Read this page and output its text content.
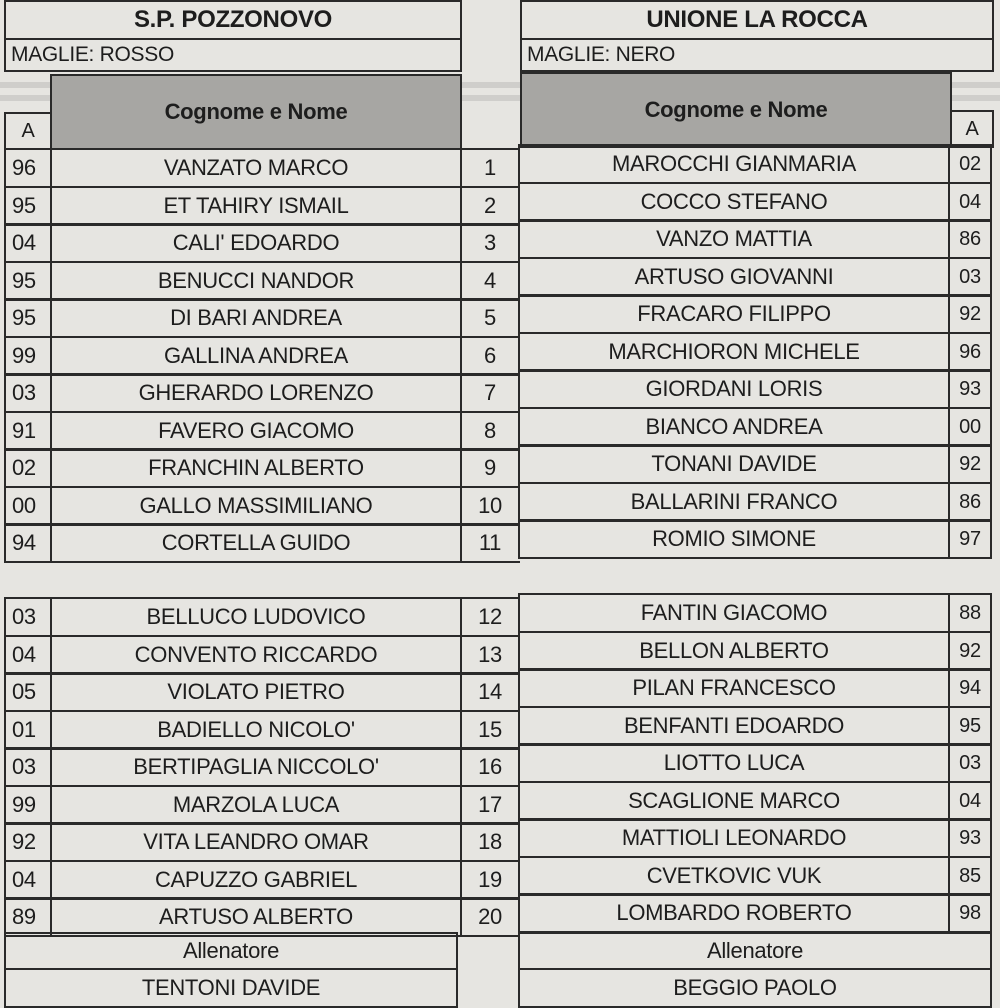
S.P. POZZONOVO
MAGLIE: ROSSO
Cognome e Nome
A
UNIONE LA ROCCA
MAGLIE: NERO
Cognome e Nome
A
96	VANZATO MARCO	1	MAROCCHI GIANMARIA	02
95	ET TAHIRY ISMAIL	2	COCCO STEFANO	04
04	CALI' EDOARDO	3	VANZO MATTIA	86
95	BENUCCI NANDOR	4	ARTUSO GIOVANNI	03
95	DI BARI ANDREA	5	FRACARO FILIPPO	92
99	GALLINA ANDREA	6	MARCHIORON MICHELE	96
03	GHERARDO LORENZO	7	GIORDANI LORIS	93
91	FAVERO GIACOMO	8	BIANCO ANDREA	00
02	FRANCHIN ALBERTO	9	TONANI DAVIDE	92
00	GALLO MASSIMILIANO	10	BALLARINI FRANCO	86
94	CORTELLA GUIDO	11	ROMIO SIMONE	97
03	BELLUCO LUDOVICO	12	FANTIN GIACOMO	88
04	CONVENTO RICCARDO	13	BELLON ALBERTO	92
05	VIOLATO PIETRO	14	PILAN FRANCESCO	94
01	BADIELLO NICOLO'	15	BENFANTI EDOARDO	95
03	BERTIPAGLIA NICCOLO'	16	LIOTTO LUCA	03
99	MARZOLA LUCA	17	SCAGLIONE MARCO	04
92	VITA LEANDRO OMAR	18	MATTIOLI LEONARDO	93
04	CAPUZZO GABRIEL	19	CVETKOVIC VUK	85
89	ARTUSO ALBERTO	20	LOMBARDO ROBERTO	98
Allenatore
TENTONI DAVIDE
Allenatore
BEGGIO PAOLO
